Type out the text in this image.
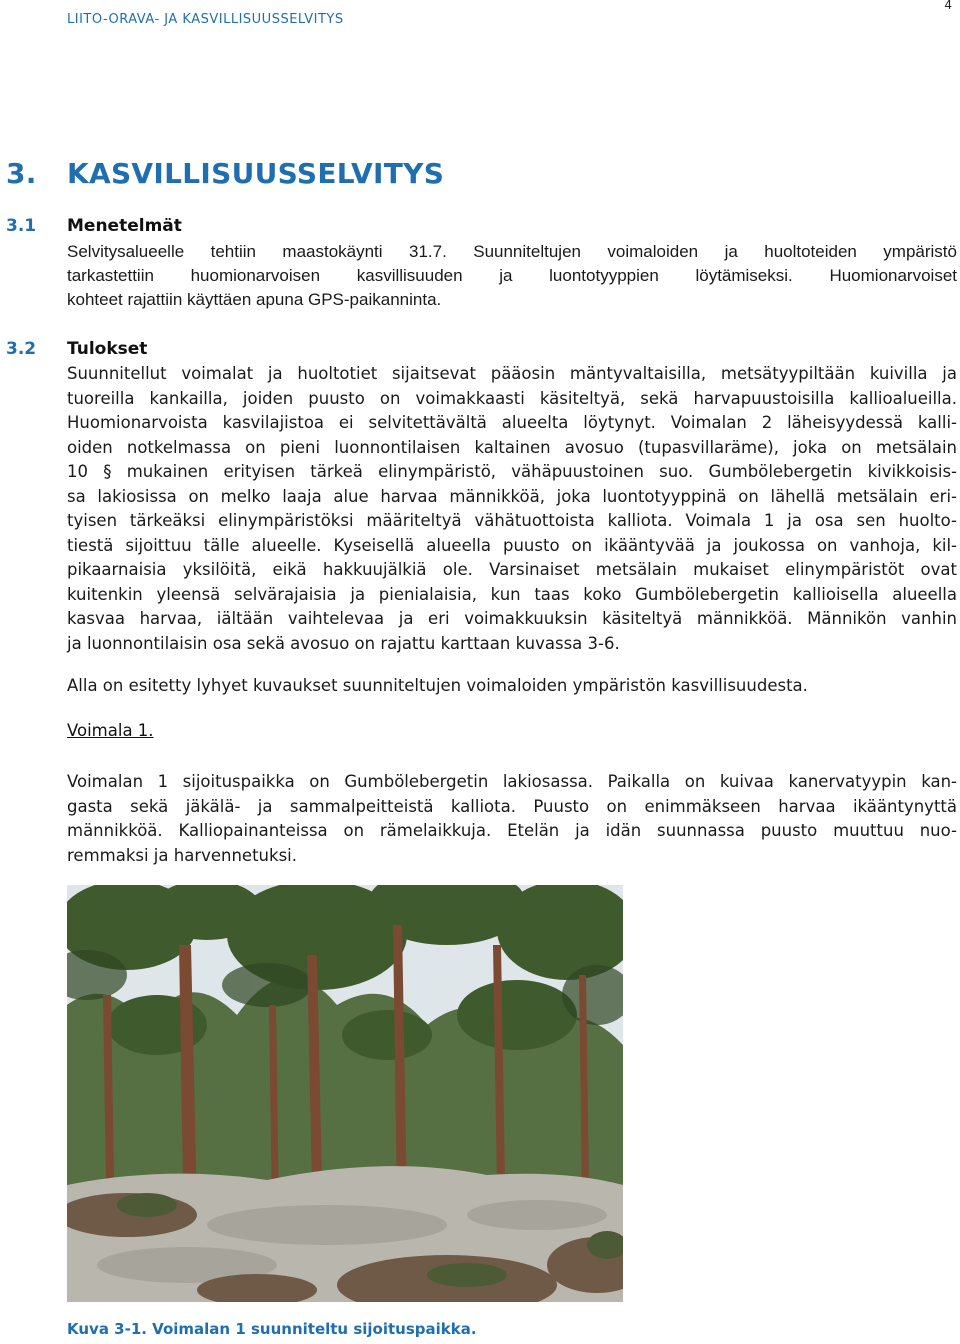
LIITO-ORAVA- JA KASVILLISUUSSELVITYS
4
3. KASVILLISUUSSELVITYS
3.1 Menetelmät
Selvitysalueelle tehtiin maastokäynti 31.7. Suunniteltujen voimaloiden ja huoltoteiden ympäristö
tarkastettiin huomionarvoisen kasvillisuuden ja luontotyyppien löytämiseksi. Huomionarvoiset
kohteet rajattiin käyttäen apuna GPS-paikanninta.
3.2 Tulokset
Suunnitellut voimalat ja huoltotiet sijaitsevat pääosin mäntyvaltaisilla, metsätyypiltään kuivilla ja
tuoreilla kankailla, joiden puusto on voimakkaasti käsiteltyä, sekä harvapuustoisilla kallioalueilla.
Huomionarvoista kasvilajistoa ei selvitettävältä alueelta löytynyt. Voimalan 2 läheisyydessä kalli-
oiden notkelmassa on pieni luonnontilaisen kaltainen avosuo (tupasvillaräme), joka on metsälain
10 § mukainen erityisen tärkeä elinympäristö, vähäpuustoinen suo. Gumbölebergetin kivikkoisis-
sa lakiosissa on melko laaja alue harvaa männikköä, joka luontotyyppinä on lähellä metsälain eri-
tyisen tärkeäksi elinympäristöksi määriteltyä vähätuottoista kalliota. Voimala 1 ja osa sen huolto-
tiestä sijoittuu tälle alueelle. Kyseisellä alueella puusto on ikääntyvää ja joukossa on vanhoja, kil-
pikaarnaisia yksilöitä, eikä hakkuujälkiä ole. Varsinaiset metsälain mukaiset elinympäristöt ovat
kuitenkin yleensä selvärajaisia ja pienialaisia, kun taas koko Gumbölebergetin kallioisella alueella
kasvaa harvaa, iältään vaihtelevaa ja eri voimakkuuksin käsiteltyä männikköä. Männikön vanhin
ja luonnontilaisin osa sekä avosuo on rajattu karttaan kuvassa 3-6.
Alla on esitetty lyhyet kuvaukset suunniteltujen voimaloiden ympäristön kasvillisuudesta.
Voimala 1.
Voimalan 1 sijoituspaikka on Gumbölebergetin lakiosassa. Paikalla on kuivaa kanervatyypin kan-
gasta sekä jäkälä- ja sammalpeitteistä kalliota. Puusto on enimmäkseen harvaa ikääntynyttä
männikköä. Kalliopainanteissa on rämelaikkuja. Etelän ja idän suunnassa puusto muuttuu nuo-
remmaksi ja harvennetuksi.
Kuva 3-1. Voimalan 1 suunniteltu sijoituspaikka.
